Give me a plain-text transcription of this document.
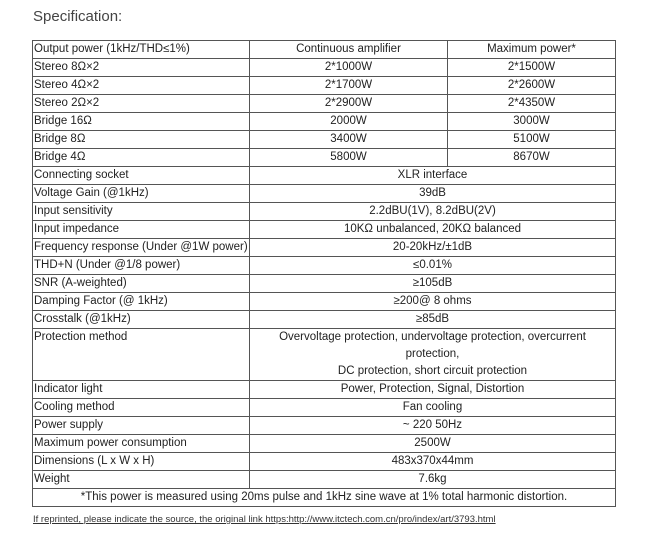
Specification:
Output power (1kHz/THD≤1%)	Continuous amplifier	Maximum power*
Stereo 8Ω×2	2*1000W	2*1500W
Stereo 4Ω×2	2*1700W	2*2600W
Stereo 2Ω×2	2*2900W	2*4350W
Bridge 16Ω	2000W	3000W
Bridge 8Ω	3400W	5100W
Bridge 4Ω	5800W	8670W
Connecting socket	XLR interface	
Voltage Gain (@1kHz)	39dB	
Input sensitivity	2.2dBU(1V), 8.2dBU(2V)	
Input impedance	10KΩ unbalanced, 20KΩ balanced	
Frequency response (Under @1W power)	20-20kHz/±1dB	
THD+N (Under @1/8 power)	≤0.01%	
SNR (A-weighted)	≥105dB	
Damping Factor (@ 1kHz)	≥200@ 8 ohms	
Crosstalk (@1kHz)	≥85dB	
Protection method	Overvoltage protection, undervoltage protection, overcurrent protection,
DC protection, short circuit protection	

Indicator light	Power, Protection, Signal, Distortion	
Cooling method	Fan cooling	
Power supply	~ 220 50Hz	
Maximum power consumption	2500W	
Dimensions (L x W x H)	483x370x44mm	
Weight	7.6kg	
*This power is measured using 20ms pulse and 1kHz sine wave at 1% total harmonic distortion.		
If reprinted, please indicate the source, the original link https:http://www.itctech.com.cn/pro/index/art/3793.html
